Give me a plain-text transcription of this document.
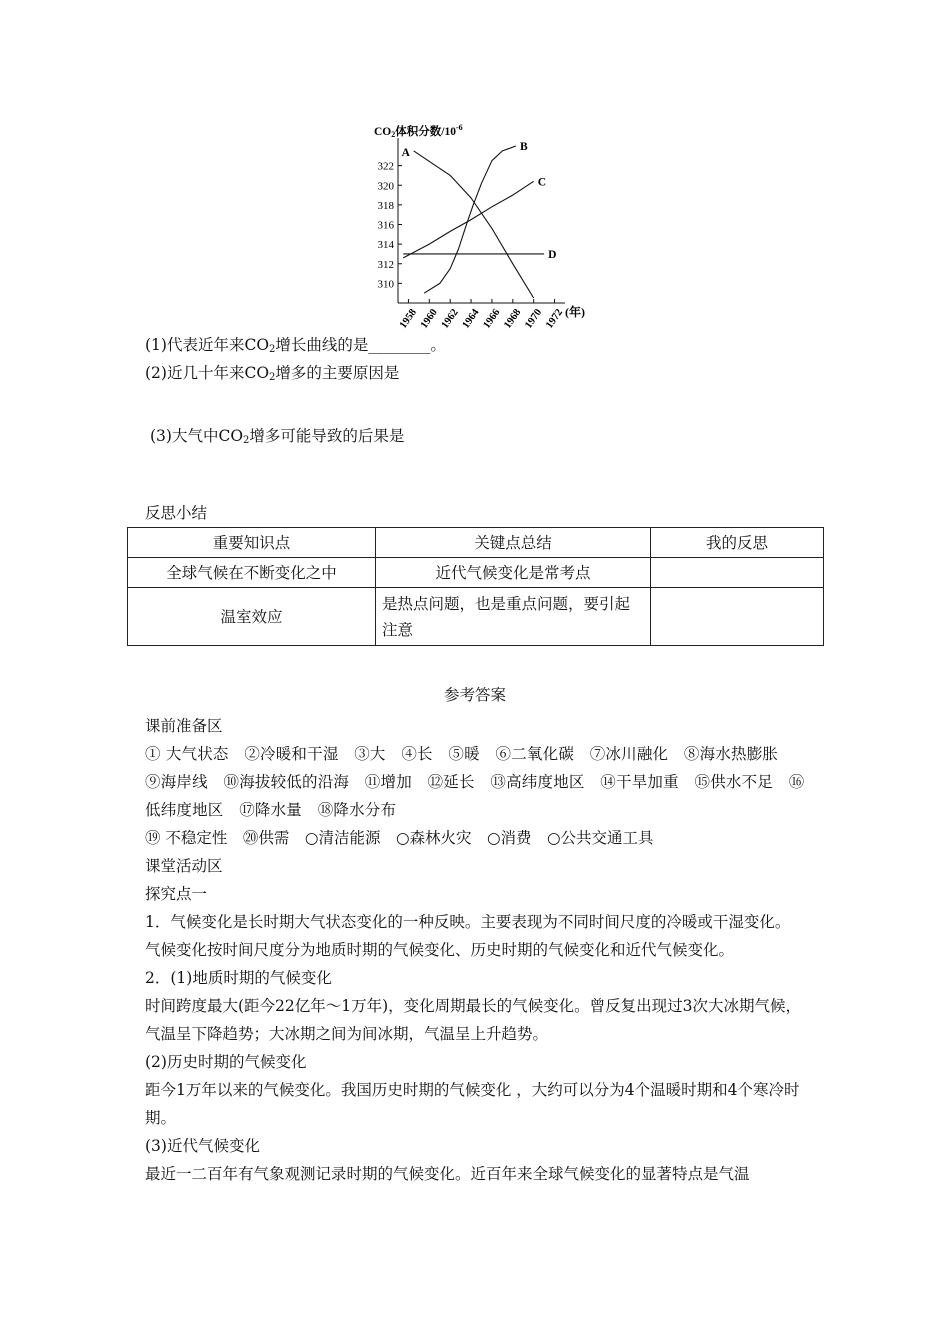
CO2体积分数$/10^{-6}$
310
312
314
316
318
320
322
1958 1960 1962 1964 1966 1968 1970 1972
A	B
C
D
(年)
(1)代表近年来$CO_2$增长曲线的是________。
(2)近几十年来$CO_2$增多的主要原因是
(3)大气中$CO_2$增多可能导致的后果是
反思小结
重要知识点	关键点总结	我的反思
全球气候在不断变化之中	近代气候变化是常考点	
温室效应	是热点问题，也是重点问题，要引起注意	
参考答案
课前准备区
① 大气状态　②冷暖和干湿　③大　④长　⑤暖　⑥二氧化碳　⑦冰川融化　⑧海水热膨胀　⑨海岸线　⑩海拔较低的沿海　⑪增加　⑫延长　⑬高纬度地区　⑭干旱加重　⑮供水不足　⑯低纬度地区　⑰降水量　⑱降水分布
⑲ 不稳定性　⑳供需　○清洁能源　○森林火灾　○消费　○公共交通工具
课堂活动区
探究点一
1．气候变化是长时期大气状态变化的一种反映。主要表现为不同时间尺度的冷暖或干湿变化。
气候变化按时间尺度分为地质时期的气候变化、历史时期的气候变化和近代气候变化。
2．(1)地质时期的气候变化
时间跨度最大(距今22亿年～1万年)，变化周期最长的气候变化。曾反复出现过3次大冰期气候，气温呈下降趋势；大冰期之间为间冰期，气温呈上升趋势。
(2)历史时期的气候变化
距今1万年以来的气候变化。我国历史时期的气候变化 ，大约可以分为4个温暖时期和4个寒冷时期。
(3)近代气候变化
最近一二百年有气象观测记录时期的气候变化。近百年来全球气候变化的显著特点是气温
